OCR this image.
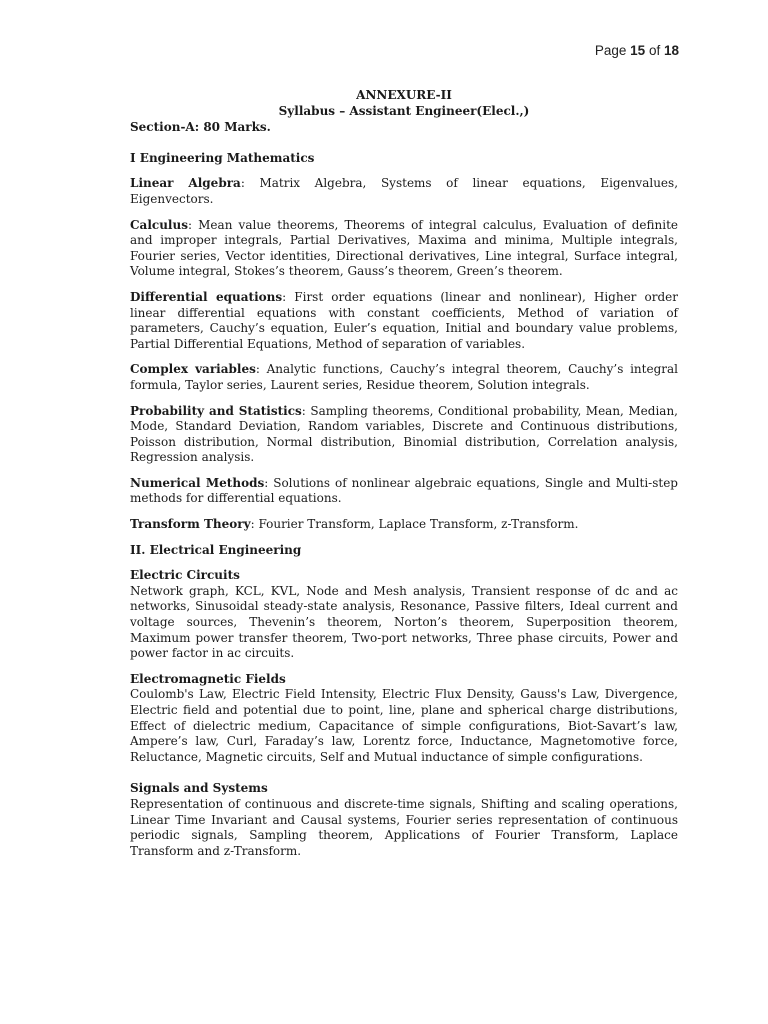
Page 15 of 18
ANNEXURE-II
Syllabus – Assistant Engineer(Elecl.,)
Section-A: 80 Marks.
I Engineering Mathematics

Linear Algebra: Matrix Algebra, Systems of linear equations, Eigenvalues, Eigenvectors.

Calculus: Mean value theorems, Theorems of integral calculus, Evaluation of definite and improper integrals, Partial Derivatives, Maxima and minima, Multiple integrals, Fourier series, Vector identities, Directional derivatives, Line integral, Surface integral, Volume integral, Stokes’s theorem, Gauss’s theorem, Green’s theorem.

Differential equations: First order equations (linear and nonlinear), Higher order linear differential equations with constant coefficients, Method of variation of parameters, Cauchy’s equation, Euler’s equation, Initial and boundary value problems, Partial Differential Equations, Method of separation of variables.

Complex variables: Analytic functions, Cauchy’s integral theorem, Cauchy’s integral formula, Taylor series, Laurent series, Residue theorem, Solution integrals.

Probability and Statistics: Sampling theorems, Conditional probability, Mean, Median, Mode, Standard Deviation, Random variables, Discrete and Continuous distributions, Poisson distribution, Normal distribution, Binomial distribution, Correlation analysis, Regression analysis.

Numerical Methods: Solutions of nonlinear algebraic equations, Single and Multi-step methods for differential equations.

Transform Theory: Fourier Transform, Laplace Transform, z-Transform.

II. Electrical Engineering
Electric Circuits

Network graph, KCL, KVL, Node and Mesh analysis, Transient response of dc and ac networks, Sinusoidal steady-state analysis, Resonance, Passive filters, Ideal current and voltage sources, Thevenin’s theorem, Norton’s theorem, Superposition theorem, Maximum power transfer theorem, Two-port networks, Three phase circuits, Power and power factor in ac circuits.

Electromagnetic Fields

Coulomb's Law, Electric Field Intensity, Electric Flux Density, Gauss's Law, Divergence, Electric field and potential due to point, line, plane and spherical charge distributions, Effect of dielectric medium, Capacitance of simple configurations, Biot-Savart’s law, Ampere’s law, Curl, Faraday’s law, Lorentz force, Inductance, Magnetomotive force, Reluctance, Magnetic circuits, Self and Mutual inductance of simple configurations.

Signals and Systems

Representation of continuous and discrete-time signals, Shifting and scaling operations, Linear Time Invariant and Causal systems, Fourier series representation of continuous periodic signals, Sampling theorem, Applications of Fourier Transform, Laplace Transform and z-Transform.
